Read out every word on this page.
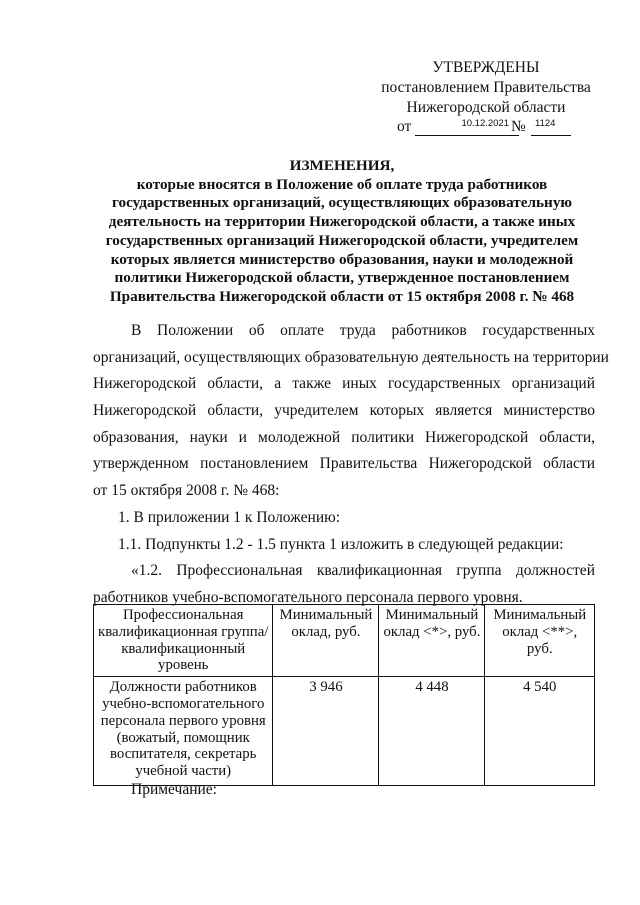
УТВЕРЖДЕНЫ
постановлением Правительства
Нижегородской области
от	10.12.2021 № 1124
ИЗМЕНЕНИЯ,
которые вносятся в Положение об оплате труда работников
государственных организаций, осуществляющих образовательную
деятельность на территории Нижегородской области, а также иных
государственных организаций Нижегородской области, учредителем
которых является министерство образования, науки и молодежной
политики Нижегородской области, утвержденное постановлением
Правительства Нижегородской области от 15 октября 2008 г. № 468
В Положении об оплате труда работников государственных
организаций, осуществляющих образовательную деятельность на территории
Нижегородской области, а также иных государственных организаций
Нижегородской области, учредителем которых является министерство
образования, науки и молодежной политики Нижегородской области,
утвержденном постановлением Правительства Нижегородской области
от 15 октября 2008 г. № 468:
1. В приложении 1 к Положению:
1.1. Подпункты 1.2 - 1.5 пункта 1 изложить в следующей редакции:
«1.2. Профессиональная квалификационная группа должностей
работников учебно-вспомогательного персонала первого уровня.
Профессиональная квалификационная группа/квалификационный уровень	Минимальный оклад, руб.	Минимальный оклад <*>, руб.	Минимальный оклад <**>, руб.
Должности работников учебно-вспомогательного персонала первого уровня (вожатый, помощник воспитателя, секретарь учебной части)	3 946	4 448	4 540
Примечание:
